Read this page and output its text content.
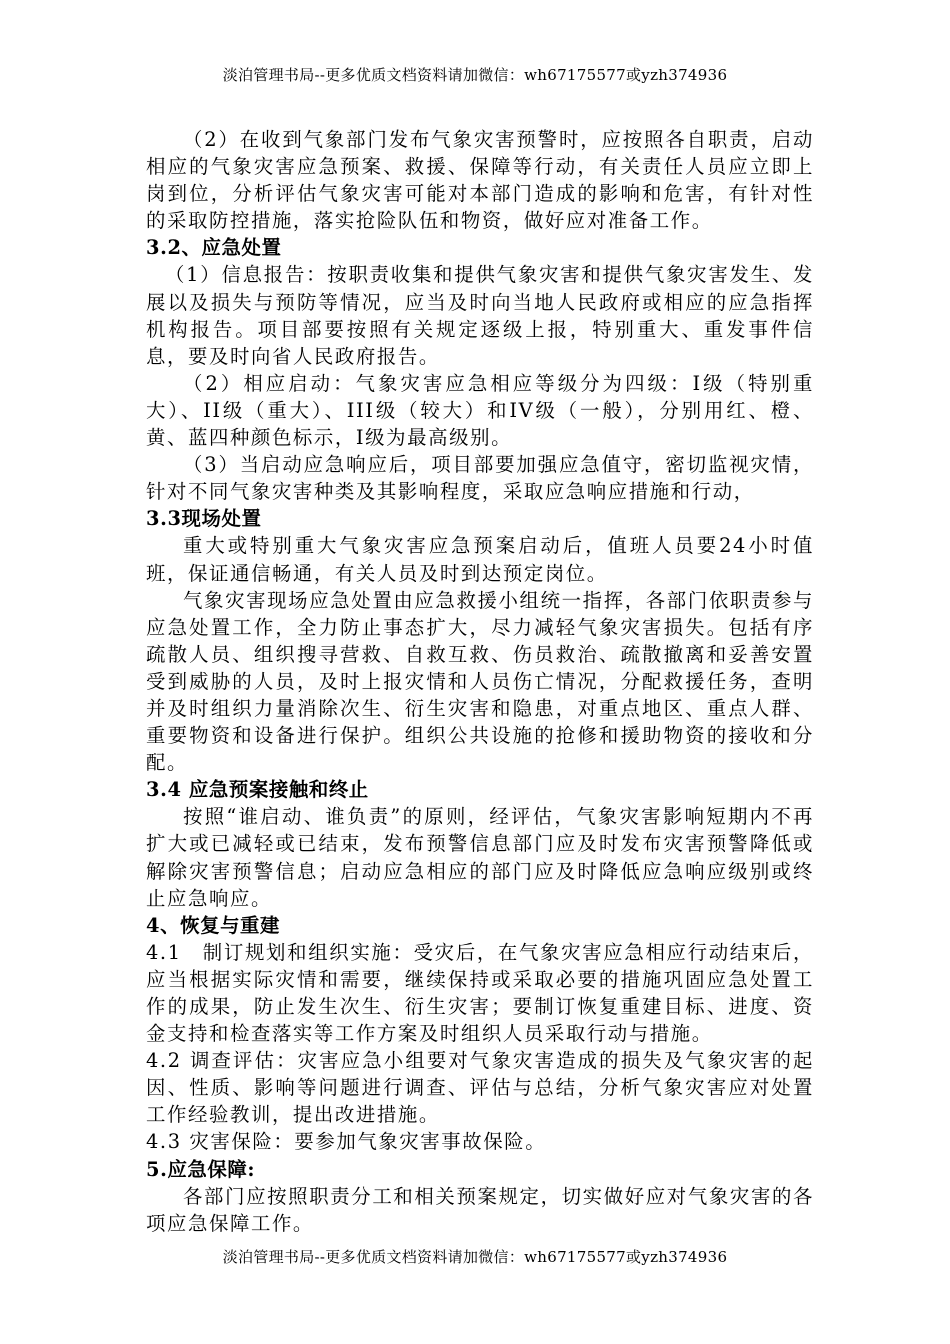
淡泊管理书局--更多优质文档资料请加微信：wh67175577或yzh374936

（2）在收到气象部门发布气象灾害预警时，应按照各自职责，启动相应的气象灾害应急预案、救援、保障等行动，有关责任人员应立即上岗到位，分析评估气象灾害可能对本部门造成的影响和危害，有针对性的采取防控措施，落实抢险队伍和物资，做好应对准备工作。

3.2、应急处置

（1）信息报告：按职责收集和提供气象灾害和提供气象灾害发生、发展以及损失与预防等情况，应当及时向当地人民政府或相应的应急指挥机构报告。项目部要按照有关规定逐级上报，特别重大、重发事件信息，要及时向省人民政府报告。

（2）相应启动：气象灾害应急相应等级分为四级：I级（特别重大）、II级（重大）、III级（较大）和IV级（一般），分别用红、橙、黄、蓝四种颜色标示，I级为最高级别。

（3）当启动应急响应后，项目部要加强应急值守，密切监视灾情，针对不同气象灾害种类及其影响程度，采取应急响应措施和行动，

3.3现场处置

重大或特别重大气象灾害应急预案启动后，值班人员要24小时值班，保证通信畅通，有关人员及时到达预定岗位。

气象灾害现场应急处置由应急救援小组统一指挥，各部门依职责参与应急处置工作，全力防止事态扩大，尽力减轻气象灾害损失。包括有序疏散人员、组织搜寻营救、自救互救、伤员救治、疏散撤离和妥善安置受到威胁的人员，及时上报灾情和人员伤亡情况，分配救援任务，查明并及时组织力量消除次生、衍生灾害和隐患，对重点地区、重点人群、重要物资和设备进行保护。组织公共设施的抢修和援助物资的接收和分配。

3.4 应急预案接触和终止

按照“谁启动、谁负责”的原则，经评估，气象灾害影响短期内不再扩大或已减轻或已结束，发布预警信息部门应及时发布灾害预警降低或解除灾害预警信息；启动应急相应的部门应及时降低应急响应级别或终止应急响应。

4、恢复与重建

4.1　制订规划和组织实施：受灾后，在气象灾害应急相应行动结束后，应当根据实际灾情和需要，继续保持或采取必要的措施巩固应急处置工作的成果，防止发生次生、衍生灾害；要制订恢复重建目标、进度、资金支持和检查落实等工作方案及时组织人员采取行动与措施。

4.2 调查评估：灾害应急小组要对气象灾害造成的损失及气象灾害的起因、性质、影响等问题进行调查、评估与总结，分析气象灾害应对处置工作经验教训，提出改进措施。

4.3 灾害保险：要参加气象灾害事故保险。

5.应急保障:

各部门应按照职责分工和相关预案规定，切实做好应对气象灾害的各项应急保障工作。

淡泊管理书局--更多优质文档资料请加微信：wh67175577或yzh374936
